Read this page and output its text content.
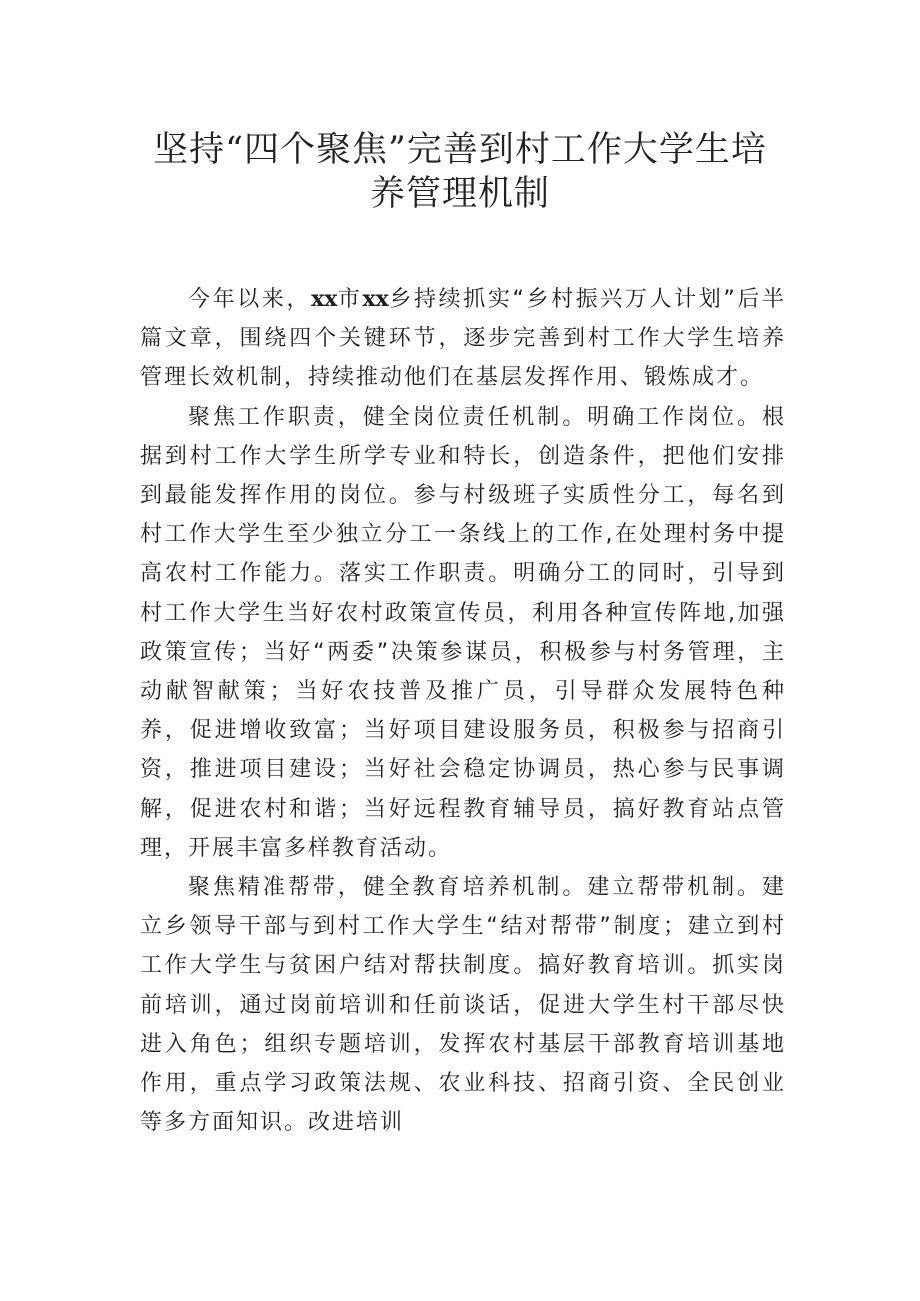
坚持“四个聚焦”完善到村工作大学生培
养管理机制

今年以来，xx市xx乡持续抓实“乡村振兴万人计划”后半篇文章，围绕四个关键环节，逐步完善到村工作大学生培养管理长效机制，持续推动他们在基层发挥作用、锻炼成才。

聚焦工作职责，健全岗位责任机制。明确工作岗位。根据到村工作大学生所学专业和特长，创造条件，把他们安排到最能发挥作用的岗位。参与村级班子实质性分工，每名到村工作大学生至少独立分工一条线上的工作,在处理村务中提高农村工作能力。落实工作职责。明确分工的同时，引导到村工作大学生当好农村政策宣传员，利用各种宣传阵地,加强政策宣传；当好“两委”决策参谋员，积极参与村务管理，主动献智献策；当好农技普及推广员，引导群众发展特色种养，促进增收致富；当好项目建设服务员，积极参与招商引资，推进项目建设；当好社会稳定协调员，热心参与民事调解，促进农村和谐；当好远程教育辅导员，搞好教育站点管理，开展丰富多样教育活动。

聚焦精准帮带，健全教育培养机制。建立帮带机制。建立乡领导干部与到村工作大学生“结对帮带”制度；建立到村工作大学生与贫困户结对帮扶制度。搞好教育培训。抓实岗前培训，通过岗前培训和任前谈话，促进大学生村干部尽快进入角色；组织专题培训，发挥农村基层干部教育培训基地作用，重点学习政策法规、农业科技、招商引资、全民创业等多方面知识。改进培训
